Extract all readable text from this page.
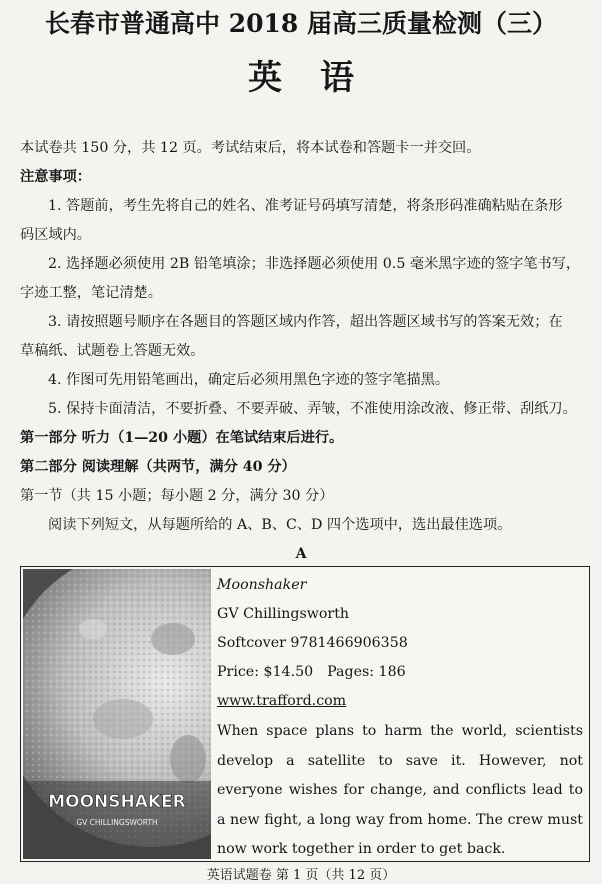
长春市普通高中 2018 届高三质量检测（三）
英语
本试卷共 150 分，共 12 页。考试结束后，将本试卷和答题卡一并交回。
注意事项：
1. 答题前，考生先将自己的姓名、准考证号码填写清楚，将条形码准确粘贴在条形
码区域内。
2. 选择题必须使用 2B 铅笔填涂；非选择题必须使用 0.5 毫米黑字迹的签字笔书写，
字迹工整，笔记清楚。
3. 请按照题号顺序在各题目的答题区域内作答，超出答题区域书写的答案无效；在
草稿纸、试题卷上答题无效。
4. 作图可先用铅笔画出，确定后必须用黑色字迹的签字笔描黑。
5. 保持卡面清洁，不要折叠、不要弄破、弄皱，不准使用涂改液、修正带、刮纸刀。
第一部分 听力（1—20 小题）在笔试结束后进行。
第二部分 阅读理解（共两节，满分 40 分）
第一节（共 15 小题；每小题 2 分，满分 30 分）
阅读下列短文，从每题所给的 A、B、C、D 四个选项中，选出最佳选项。
A
MOONSHAKER
GV CHILLINGSWORTH
Moonshaker
GV Chillingsworth
Softcover 9781466906358
Price: $14.50 Pages: 186
www.trafford.com
When space plans to harm the world, scientists develop a satellite to save it. However, not everyone wishes for change, and conflicts lead to a new fight, a long way from home. The crew must now work together in order to get back.
英语试题卷 第 1 页（共 12 页）
